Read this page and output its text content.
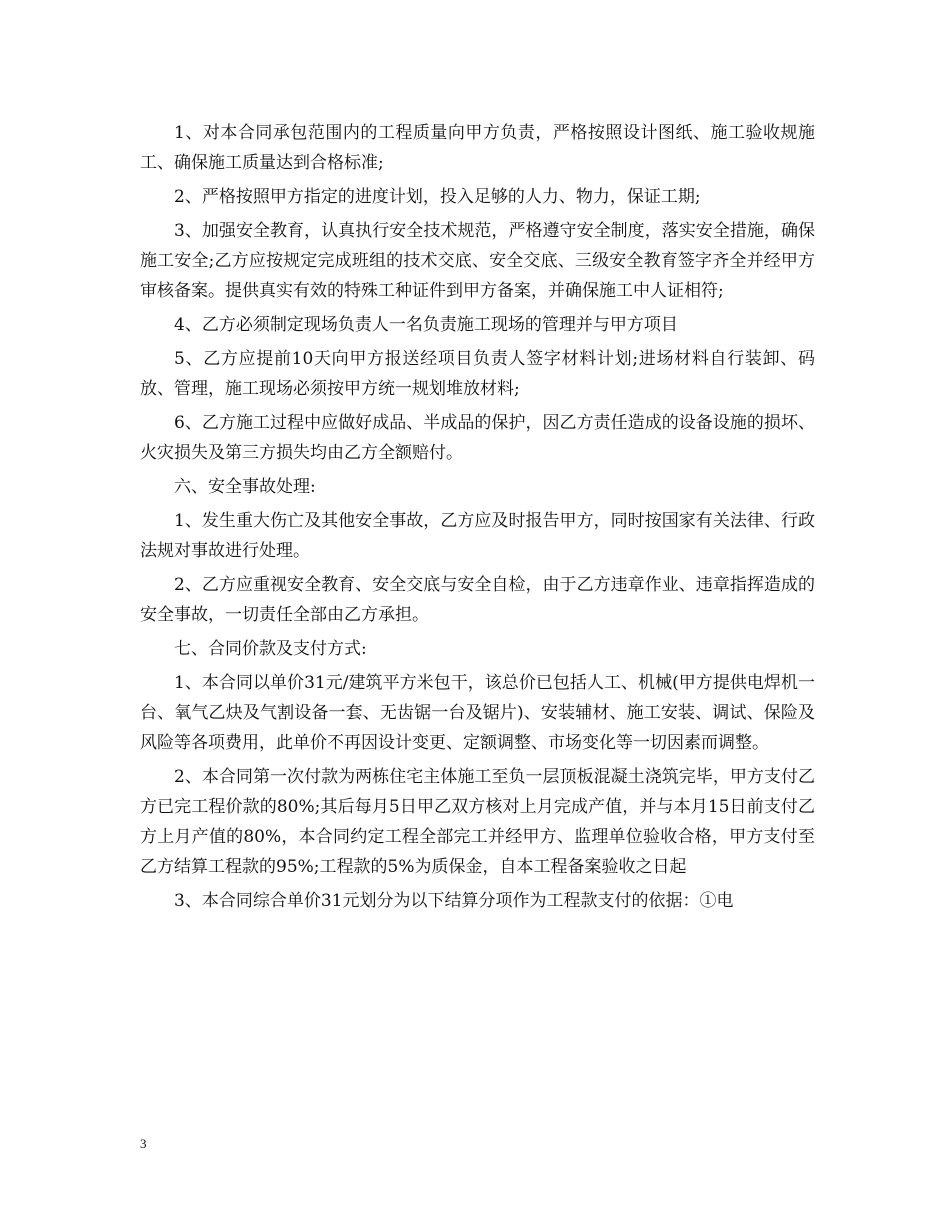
1、对本合同承包范围内的工程质量向甲方负责，严格按照设计图纸、施工验收规施工、确保施工质量达到合格标准;

2、严格按照甲方指定的进度计划，投入足够的人力、物力，保证工期;

3、加强安全教育，认真执行安全技术规范，严格遵守安全制度，落实安全措施，确保施工安全;乙方应按规定完成班组的技术交底、安全交底、三级安全教育签字齐全并经甲方审核备案。提供真实有效的特殊工种证件到甲方备案，并确保施工中人证相符;

4、乙方必须制定现场负责人一名负责施工现场的管理并与甲方项目

5、乙方应提前10天向甲方报送经项目负责人签字材料计划;进场材料自行装卸、码放、管理，施工现场必须按甲方统一规划堆放材料;

6、乙方施工过程中应做好成品、半成品的保护，因乙方责任造成的设备设施的损坏、火灾损失及第三方损失均由乙方全额赔付。

六、安全事故处理:

1、发生重大伤亡及其他安全事故，乙方应及时报告甲方，同时按国家有关法律、行政法规对事故进行处理。

2、乙方应重视安全教育、安全交底与安全自检，由于乙方违章作业、违章指挥造成的安全事故，一切责任全部由乙方承担。

七、合同价款及支付方式:

1、本合同以单价31元/建筑平方米包干，该总价已包括人工、机械(甲方提供电焊机一台、氧气乙炔及气割设备一套、无齿锯一台及锯片)、安装辅材、施工安装、调试、保险及风险等各项费用，此单价不再因设计变更、定额调整、市场变化等一切因素而调整。

2、本合同第一次付款为两栋住宅主体施工至负一层顶板混凝土浇筑完毕，甲方支付乙方已完工程价款的80%;其后每月5日甲乙双方核对上月完成产值，并与本月15日前支付乙方上月产值的80%，本合同约定工程全部完工并经甲方、监理单位验收合格，甲方支付至乙方结算工程款的95%;工程款的5%为质保金，自本工程备案验收之日起

3、本合同综合单价31元划分为以下结算分项作为工程款支付的依据：①电

3
